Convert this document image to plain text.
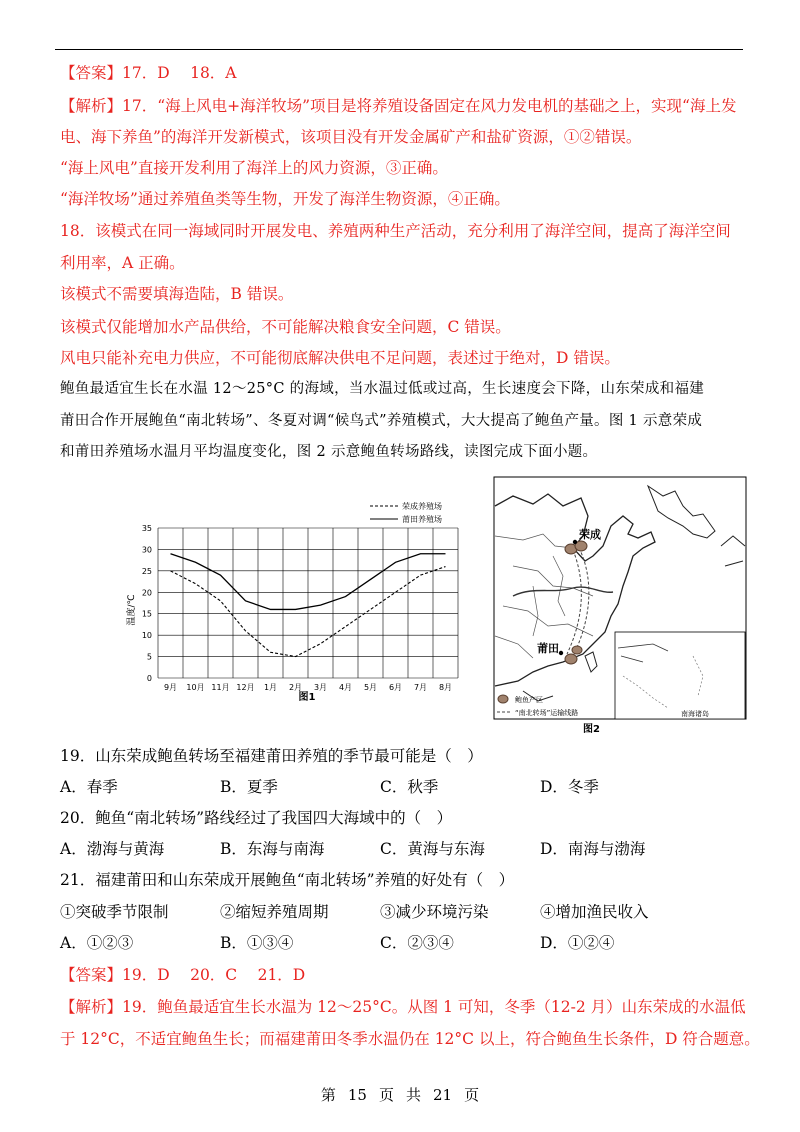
【答案】17．D　 18．A
【解析】17．“海上风电+海洋牧场”项目是将养殖设备固定在风力发电机的基础之上，实现“海上发
电、海下养鱼”的海洋开发新模式，该项目没有开发金属矿产和盐矿资源，①②错误。
“海上风电”直接开发利用了海洋上的风力资源，③正确。
“海洋牧场”通过养殖鱼类等生物，开发了海洋生物资源，④正确。
18．该模式在同一海域同时开展发电、养殖两种生产活动，充分利用了海洋空间，提高了海洋空间
利用率，A 正确。
该模式不需要填海造陆，B 错误。
该模式仅能增加水产品供给，不可能解决粮食安全问题，C 错误。
风电只能补充电力供应，不可能彻底解决供电不足问题，表述过于绝对，D 错误。
鲍鱼最适宜生长在水温 12～25°C 的海域，当水温过低或过高，生长速度会下降，山东荣成和福建
莆田合作开展鲍鱼“南北转场”、冬夏对调“候鸟式”养殖模式，大大提高了鲍鱼产量。图 1 示意荣成
和莆田养殖场水温月平均温度变化，图 2 示意鲍鱼转场路线，读图完成下面小题。
0
5
10
15
20
25
30
35
9月 10月 11月 12月 1月 2月 3月 4月 5月 6月 7月 8月
荣成养殖场
莆田养殖场
温度/℃
图1
荣成
莆田
南海诸岛
鲍鱼产区
“南北转场”运输线路
图2
19．山东荣成鲍鱼转场至福建莆田养殖的季节最可能是（　）
A．春季	B．夏季	C．秋季	D．冬季
20．鲍鱼“南北转场”路线经过了我国四大海域中的（　）
A．渤海与黄海	B．东海与南海	C．黄海与东海	D．南海与渤海
21．福建莆田和山东荣成开展鲍鱼“南北转场”养殖的好处有（　）
①突破季节限制	②缩短养殖周期	③减少环境污染	④增加渔民收入
A．①②③	B．①③④	C．②③④	D．①②④
【答案】19．D　 20．C　 21．D
【解析】19．鲍鱼最适宜生长水温为 12～25°C。从图 1 可知，冬季（12-2 月）山东荣成的水温低
于 12°C，不适宜鲍鱼生长；而福建莆田冬季水温仍在 12°C 以上，符合鲍鱼生长条件，D 符合题意。
第 15 页 共 21 页
